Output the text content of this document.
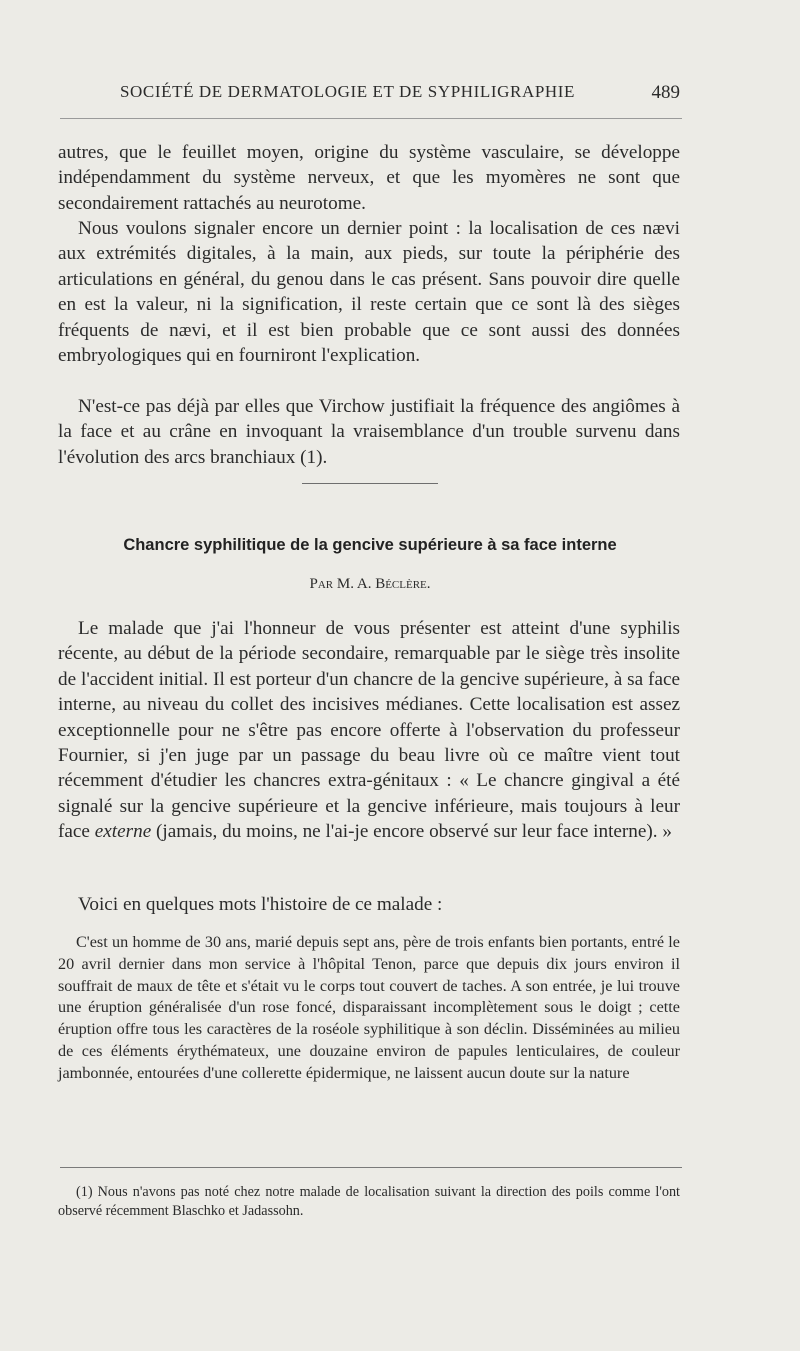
SOCIÉTÉ DE DERMATOLOGIE ET DE SYPHILIGRAPHIE	489

autres, que le feuillet moyen, origine du système vasculaire, se développe indépendamment du système nerveux, et que les myomères ne sont que secondairement rattachés au neurotome.

Nous voulons signaler encore un dernier point : la localisation de ces nævi aux extrémités digitales, à la main, aux pieds, sur toute la périphérie des articulations en général, du genou dans le cas présent. Sans pouvoir dire quelle en est la valeur, ni la signification, il reste certain que ce sont là des sièges fréquents de nævi, et il est bien probable que ce sont aussi des données embryologiques qui en fourniront l'explication.

N'est-ce pas déjà par elles que Virchow justifiait la fréquence des angiômes à la face et au crâne en invoquant la vraisemblance d'un trouble survenu dans l'évolution des arcs branchiaux (1).

Chancre syphilitique de la gencive supérieure à sa face interne
Par M. A. Béclère.

Le malade que j'ai l'honneur de vous présenter est atteint d'une syphilis récente, au début de la période secondaire, remarquable par le siège très insolite de l'accident initial. Il est porteur d'un chancre de la gencive supérieure, à sa face interne, au niveau du collet des incisives médianes. Cette localisation est assez exceptionnelle pour ne s'être pas encore offerte à l'observation du professeur Fournier, si j'en juge par un passage du beau livre où ce maître vient tout récemment d'étudier les chancres extra-génitaux : « Le chancre gingival a été signalé sur la gencive supérieure et la gencive inférieure, mais toujours à leur face externe (jamais, du moins, ne l'ai-je encore observé sur leur face interne). »

Voici en quelques mots l'histoire de ce malade :

C'est un homme de 30 ans, marié depuis sept ans, père de trois enfants bien portants, entré le 20 avril dernier dans mon service à l'hôpital Tenon, parce que depuis dix jours environ il souffrait de maux de tête et s'était vu le corps tout couvert de taches. A son entrée, je lui trouve une éruption généralisée d'un rose foncé, disparaissant incomplètement sous le doigt ; cette éruption offre tous les caractères de la roséole syphilitique à son déclin. Disséminées au milieu de ces éléments érythémateux, une douzaine environ de papules lenticulaires, de couleur jambonnée, entourées d'une collerette épidermique, ne laissent aucun doute sur la nature

(1) Nous n'avons pas noté chez notre malade de localisation suivant la direction des poils comme l'ont observé récemment Blaschko et Jadassohn.
